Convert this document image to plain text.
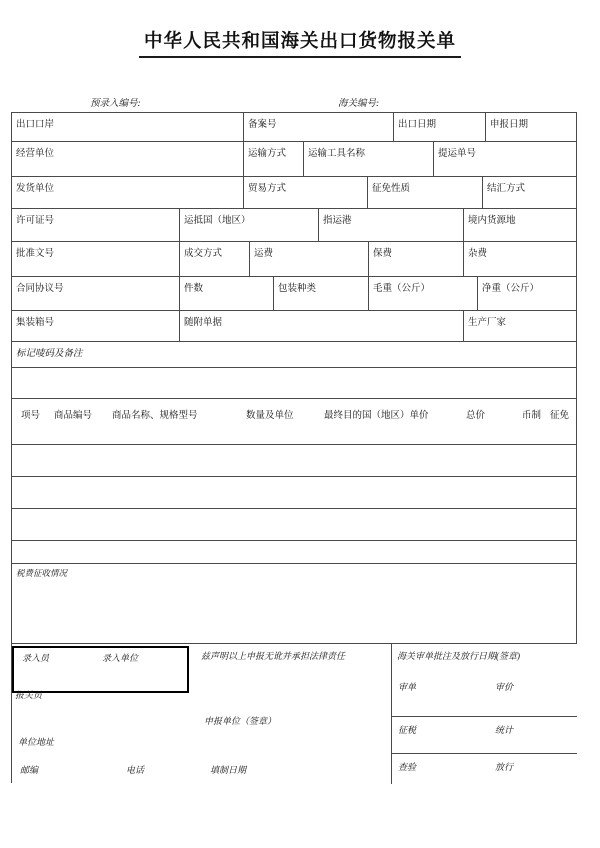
中华人民共和国海关出口货物报关单
预录入编号:	海关编号:
出口口岸	备案号	出口日期	申报日期
经营单位	运输方式	运输工具名称	提运单号
发货单位	贸易方式	征免性质	结汇方式
许可证号	运抵国（地区）	指运港	境内货源地
批准文号	成交方式	运费	保费	杂费
合同协议号	件数	包装种类	毛重（公斤）	净重（公斤）
集装箱号	随附单据	生产厂家
标记唛码及备注
项号 商品编号 商品名称、规格型号	数量及单位	最终目的国（地区）单价	总价	币制 征免
税费征收情况
录入员	录入单位
报关员
兹声明以上申报无讹并承担法律责任
申报单位（签章）
单位地址
邮编	电话	填制日期
海关审单批注及放行日期(签章)
审单	审价
征税	统计
查验	放行
